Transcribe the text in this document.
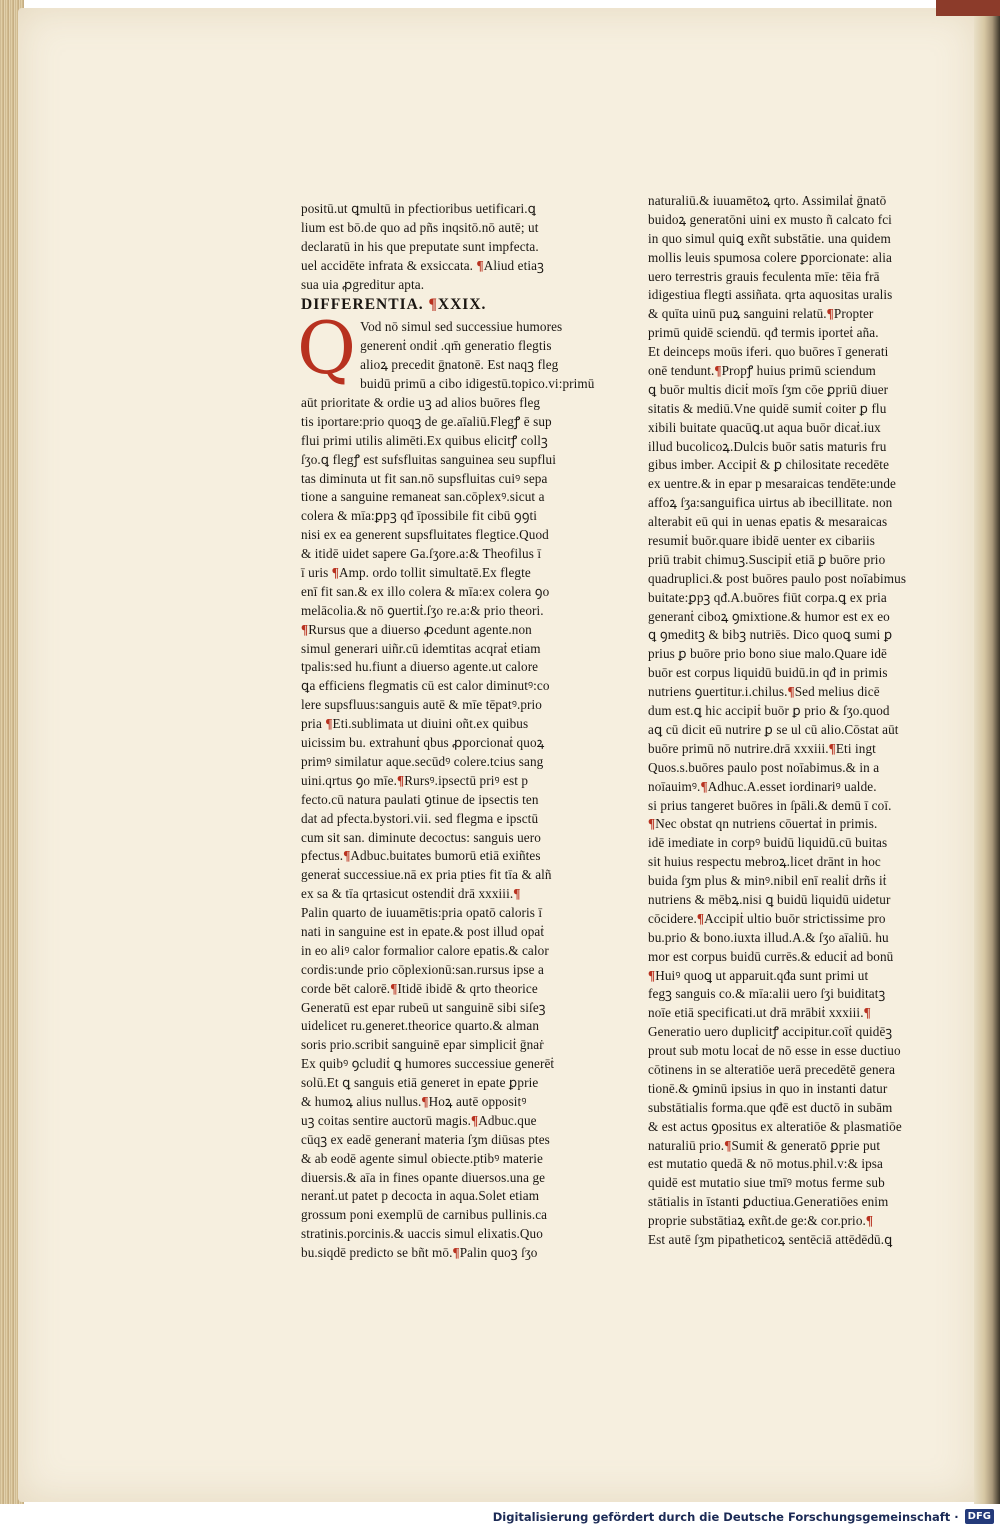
positū.ut ꝗmultū in pfectioribus uetificari.ꝗ
lium est bō.de quo ad pñs inqsitō.nō autē; ut
declaratū in his que preputate sunt impfecta.
uel accidēte infrata & exsiccata. ¶Aliud etiaꝫ
sua uia ꝓgreditur apta.
DIFFERENTIA. ¶XXIX.
Q Vod nō simul sed successiue humores
generenṫ ondiṫ .qm̄ generatio flegtis
alioꝝ precedit ḡnatonē. Est naqꝫ fleg
buidū primū a cibo idigestū.topico.vi:primū
aūt prioritate & ordie uꝫ ad alios buōres fleg
tis iportare:prio quoqꝫ de ge.aīaliū.Flegꝭ ē sup
flui primi utilis alimēti.Ex quibus elicitꝭ collꝫ
ſʒo.ꝗ flegꝭ est sufsfluitas sanguinea seu supflui
tas diminuta ut fit san.nō supsfluitas cuiꝰ sepa
tione a sanguine remaneat san.cōplexꝰ.sicut a
colera & mīa:ꝑpꝫ qđ īpossibile fit cibū ꝯꝯti
nisi ex ea generent supsfluitates flegtice.Quod
& itidē uidet sapere Ga.ſʒore.a:& Theofilus ī
ī uris ¶Amp. ordo tollit simultatē.Ex flegte
enī fit san.& ex illo colera & mīa:ex colera ꝯo
melācolia.& nō ꝯuertiṫ.ſʒo re.a:& prio theori.
¶Rursus que a diuerso ꝓcedunt agente.non
simul generari uiñr.cū idemtitas acqraṫ etiam
tpalis:sed hu.fiunt a diuerso agente.ut calore
ꝗa efficiens flegmatis cū est calor diminutꝰ:co
lere supsfluus:sanguis autē & mīe tēpatꝰ.prio
pria ¶Eti.sublimata ut diuini oñt.ex quibus
uicissim bu. extrahunṫ qbus ꝓporcionaṫ quoꝝ
primꝰ similatur aque.secūdꝰ colere.tcius sang
uini.qrtus ꝯo mīe.¶Rursꝰ.ipsectū priꝰ est p
fecto.cū natura paulati ꝯtinue de ipsectis ten
dat ad pfecta.bystori.vii. sed flegma e ipsctū
cum sit san. diminute decoctus: sanguis uero
pfectus.¶Adbuc.buitates bumorū etiā exiñtes
generaṫ successiue.nā ex pria pties fit tīa & alñ
ex sa & tīa qrtasicut ostendiṫ drā xxxiii.¶
Palin quarto de iuuamētis:pria opatō caloris ī
nati in sanguine est in epate.& post illud opaṫ
in eo aliꝰ calor formalior calore epatis.& calor
cordis:unde prio cōplexionū:san.rursus ipse a
corde bēt calorē.¶Itidē ibidē & qrto theorice
Generatū est epar rubeū ut sanguinē sibi siſeꝫ
uidelicet ru.generet.theorice quarto.& alman
soris prio.scribiṫ sanguinē epar simpliciṫ ḡnaṙ
Ex quibꝰ ꝯcludiṫ ꝗ humores successiue generēṫ
solū.Et ꝗ sanguis etiā generet in epate ꝑprie
& humoꝝ alius nullus.¶Hoꝝ autē oppositꝰ
uꝫ coitas sentire auctorū magis.¶Adbuc.que
cūqꝫ ex eadē generanṫ materia ſʒm diūsas ptes
& ab eodē agente simul obiecte.ptibꝰ materie
diuersis.& aīa in fines opante diuersos.una ge
neranṫ.ut patet p decocta in aqua.Solet etiam
grossum poni exemplū de carnibus pullinis.ca
stratinis.porcinis.& uaccis simul elixatis.Quo
bu.siqdē predicto se bñt mō.¶Palin quoꝫ ſʒo
naturaliū.& iuuamētoꝝ qrto. Assimilaṫ ḡnatō
buidoꝝ generatōni uini ex musto ñ calcato fci
in quo simul quiꝗ exñt substātie. una quidem
mollis leuis spumosa colere ꝑporcionate: alia
uero terrestris grauis feculenta mīe: tēia frā
idigestiua flegti assiñata. qrta aquositas uralis
& quīta uinū puꝝ sanguini relatū.¶Propter
primū quidē sciendū. qđ termis iporteṫ aña.
Et deinceps moūs iferi. quo buōres ī generati
onē tendunt.¶Propꝭ huius primū sciendum
ꝗ buōr multis diciṫ moīs ſʒm cōe ꝑpriū diuer
sitatis & mediū.Vne quidē sumiṫ coiter ꝑ flu
xibili buitate quacūꝗ.ut aqua buōr dicaṫ.iux
illud bucolicoꝝ.Dulcis buōr satis maturis fru
gibus imber. Accipiṫ & ꝑ chilositate recedēte
ex uentre.& in epar p mesaraicas tendēte:unde
affoꝝ ſʒa:sanguifica uirtus ab ibecillitate. non
alterabit eū qui in uenas epatis & mesaraicas
resumiṫ buōr.quare ibidē uenter ex cibariis
priū trabit chimuꝫ.Suscipiṫ etiā ꝑ buōre prio
quadruplici.& post buōres paulo post noīabimus
buitate:ꝑpꝫ qđ.A.buōres fiūt corpa.ꝗ ex pria
generanṫ ciboꝝ ꝯmixtione.& humor est ex eo
ꝗ ꝯmeditꝫ & bibꝫ nutriēs. Dico quoꝗ sumi ꝑ
prius ꝑ buōre prio bono siue malo.Quare idē
buōr est corpus liquidū buidū.in qđ in primis
nutriens ꝯuertitur.i.chilus.¶Sed melius dicē
dum est.ꝗ hic accipiṫ buōr ꝑ prio & ſʒo.quod
aꝗ cū dicit eū nutrire ꝑ se ul cū alio.Cōstat aūt
buōre primū nō nutrire.drā xxxiii.¶Eti ingt
Quos.s.buōres paulo post noīabimus.& in a
noīauimꝰ.¶Adhuc.A.esset iordinariꝰ ualde.
si prius tangeret buōres in ſpāli.& demū ī coī.
¶Nec obstat qn nutriens cōuertaṫ in primis.
idē imediate in corpꝰ buidū liquidū.cū buitas
sit huius respectu mebroꝝ.licet drānt in hoc
buida ſʒm plus & minꝰ.nibil enī realiṫ drñs iṫ
nutriens & mēbꝝ.nisi ꝗ buidū liquidū uidetur
cōcidere.¶Accipiṫ ultio buōr strictissime pro
bu.prio & bono.iuxta illud.A.& ſʒo aīaliū. hu
mor est corpus buidū currēs.& educiṫ ad bonū
¶Huiꝰ quoꝗ ut apparuit.qđa sunt primi ut
fegꝫ sanguis co.& mīa:alii uero ſʒi buiditatꝫ
noīe etiā specificati.ut drā mrābiṫ xxxiii.¶
Generatio uero duplicitꝭ accipitur.coīṫ quidēꝫ
prout sub motu locaṫ de nō esse in esse ductiuo
cōtinens in se alteratiōe uerā precedētē genera
tionē.& ꝯminū ipsius in quo in instanti datur
substātialis forma.que qđē est ductō in subām
& est actus ꝯpositus ex alteratiōe & plasmatiōe
naturaliū prio.¶Sumiṫ & generatō ꝑprie put
est mutatio quedā & nō motus.phil.v:& ipsa
quidē est mutatio siue tmīꝰ motus ferme sub
stātialis in īstanti ꝑductiua.Generatiōes enim
proprie substātiaꝝ exñt.de ge:& cor.prio.¶
Est autē ſʒm pipatheticoꝝ sentēciā attēdēdū.ꝗ
Digitalisierung gefördert durch die Deutsche Forschungsgemeinschaft · DFG
